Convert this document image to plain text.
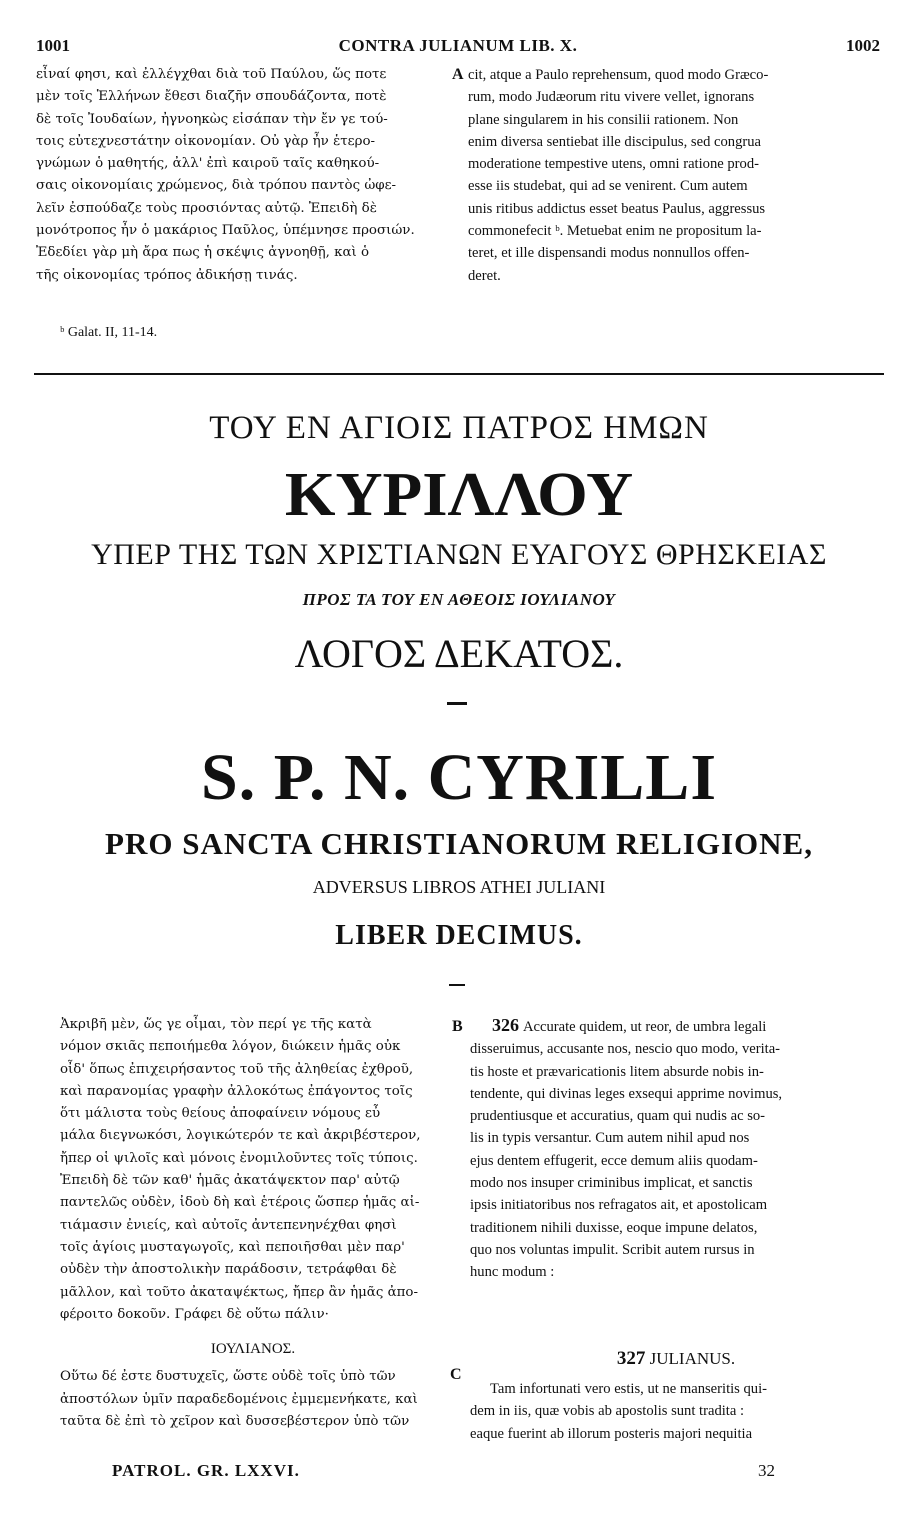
1001	CONTRA JULIANUM LIB. X.	1002

εἶναί φησι, καὶ ἐλλέγχθαι διὰ τοῦ Παύλου, ὥς ποτε

μὲν τοῖς Ἑλλήνων ἔθεσι διαζῆν σπουδάζοντα, ποτὲ

δὲ τοῖς Ἰουδαίων, ἠγνοηκὼς εἰσάπαν τὴν ἔν γε τού-

τοις εὐτεχνεστάτην οἰκονομίαν. Οὐ γὰρ ἦν ἑτερο-

γνώμων ὁ μαθητής, ἀλλ' ἐπὶ καιροῦ ταῖς καθηκού-

σαις οἰκονομίαις χρώμενος, διὰ τρόπου παντὸς ὠφε-

λεῖν ἐσπούδαζε τοὺς προσιόντας αὐτῷ. Ἐπειδὴ δὲ

μονότροπος ἦν ὁ μακάριος Παῦλος, ὑπέμνησε προσιών.

Ἐδεδίει γὰρ μὴ ἄρα πως ἡ σκέψις ἀγνοηθῇ, καὶ ὁ

τῆς οἰκονομίας τρόπος ἀδικήσῃ τινάς.

A cit, atque a Paulo reprehensum, quod modo Græco-

rum, modo Judæorum ritu vivere vellet, ignorans

plane singularem in his consilii rationem. Non

enim diversa sentiebat ille discipulus, sed congrua

moderatione tempestive utens, omni ratione prod-

esse iis studebat, qui ad se venirent. Cum autem

unis ritibus addictus esset beatus Paulus, aggressus

commonefecit ᵇ. Metuebat enim ne propositum la-

teret, et ille dispensandi modus nonnullos offen-

deret.

ᵇ Galat. II, 11-14.
ΤΟΥ ΕΝ ΑΓΙΟΙΣ ΠΑΤΡΟΣ ΗΜΩΝ
ΚΥΡΙΛΛΟΥ
ΥΠΕΡ ΤΗΣ ΤΩΝ ΧΡΙΣΤΙΑΝΩΝ ΕΥΑΓΟΥΣ ΘΡΗΣΚΕΙΑΣ
ΠΡΟΣ ΤΑ ΤΟΥ ΕΝ ΑΘΕΟΙΣ ΙΟΥΛΙΑΝΟΥ
ΛΟΓΟΣ ΔΕΚΑΤΟΣ.
S. P. N. CYRILLI
PRO SANCTA CHRISTIANORUM RELIGIONE,
ADVERSUS LIBROS ATHEI JULIANI
LIBER DECIMUS.

Ἀκριβῆ μὲν, ὥς γε οἶμαι, τὸν περί γε τῆς κατὰ

νόμον σκιᾶς πεποιήμεθα λόγον, διώκειν ἡμᾶς οὐκ

οἶδ' ὅπως ἐπιχειρήσαντος τοῦ τῆς ἀληθείας ἐχθροῦ,

καὶ παρανομίας γραφὴν ἀλλοκότως ἐπάγοντος τοῖς

ὅτι μάλιστα τοὺς θείους ἀποφαίνειν νόμους εὖ

μάλα διεγνωκόσι, λογικώτερόν τε καὶ ἀκριβέστερον,

ἤπερ οἱ ψιλοῖς καὶ μόνοις ἐνομιλοῦντες τοῖς τύποις.

Ἐπειδὴ δὲ τῶν καθ' ἡμᾶς ἀκατάψεκτον παρ' αὐτῷ

παντελῶς οὐδὲν, ἰδοὺ δὴ καὶ ἑτέροις ὥσπερ ἡμᾶς αἰ-

τιάμασιν ἐνιείς, καὶ αὐτοῖς ἀντεπενηνέχθαι φησὶ

τοῖς ἁγίοις μυσταγωγοῖς, καὶ πεποιῆσθαι μὲν παρ'

οὐδὲν τὴν ἀποστολικὴν παράδοσιν, τετράφθαι δὲ

μᾶλλον, καὶ τοῦτο ἀκαταψέκτως, ἤπερ ἂν ἡμᾶς ἀπο-

φέροιτο δοκοῦν. Γράφει δὲ οὕτω πάλιν·

ΙΟΥΛΙΑΝΟΣ.

Οὕτω δέ ἐστε δυστυχεῖς, ὥστε οὐδὲ τοῖς ὑπὸ τῶν

ἀποστόλων ὑμῖν παραδεδομένοις ἐμμεμενήκατε, καὶ

ταῦτα δὲ ἐπὶ τὸ χεῖρον καὶ δυσσεβέστερον ὑπὸ τῶν

B
C

326 Accurate quidem, ut reor, de umbra legali

disseruimus, accusante nos, nescio quo modo, verita-

tis hoste et prævaricationis litem absurde nobis in-

tendente, qui divinas leges exsequi apprime novimus,

prudentiusque et accuratius, quam qui nudis ac so-

lis in typis versantur. Cum autem nihil apud nos

ejus dentem effugerit, ecce demum aliis quodam-

modo nos insuper criminibus implicat, et sanctis

ipsis initiatoribus nos refragatos ait, et apostolicam

traditionem nihili duxisse, eoque impune delatos,

quo nos voluntas impulit. Scribit autem rursus in

hunc modum :

327 JULIANUS.

Tam infortunati vero estis, ut ne manseritis qui-

dem in iis, quæ vobis ab apostolis sunt tradita :

eaque fuerint ab illorum posteris majori nequitia

PATROL. GR. LXXVI.	32
